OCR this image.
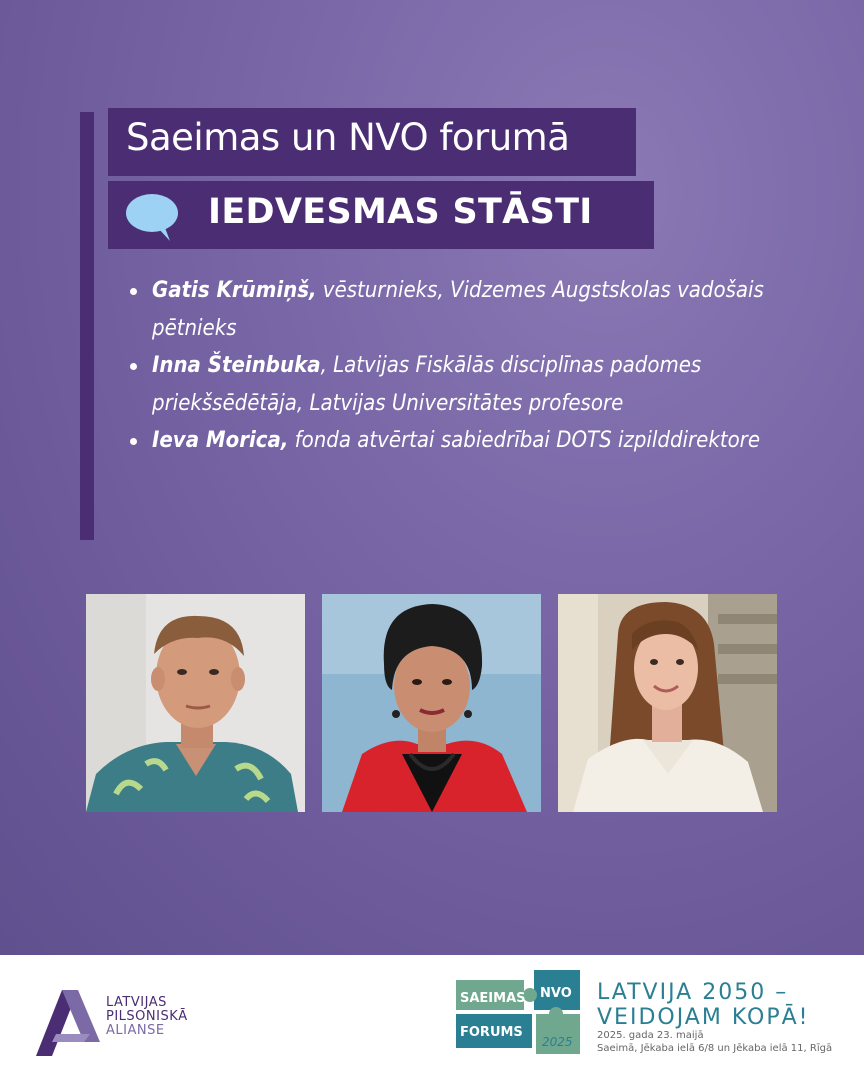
Saeimas un NVO forumā
IEDVESMAS STĀSTI
Gatis Krūmiņš, vēsturnieks, Vidzemes Augstskolas vadošais pētnieks
Inna Šteinbuka, Latvijas Fiskālās disciplīnas padomes priekšsēdētāja, Latvijas Universitātes profesore
Ieva Morica, fonda atvērtai sabiedrībai DOTS izpilddirektore
LATVIJAS
PILSONISKĀ
ALIANSE
SAEIMAS NVO
FORUMS
2025
LATVIJA 2050 –
VEIDOJAM KOPĀ!
2025. gada 23. maijā
Saeimā, Jēkaba ielā 6/8 un Jēkaba ielā 11, Rīgā
